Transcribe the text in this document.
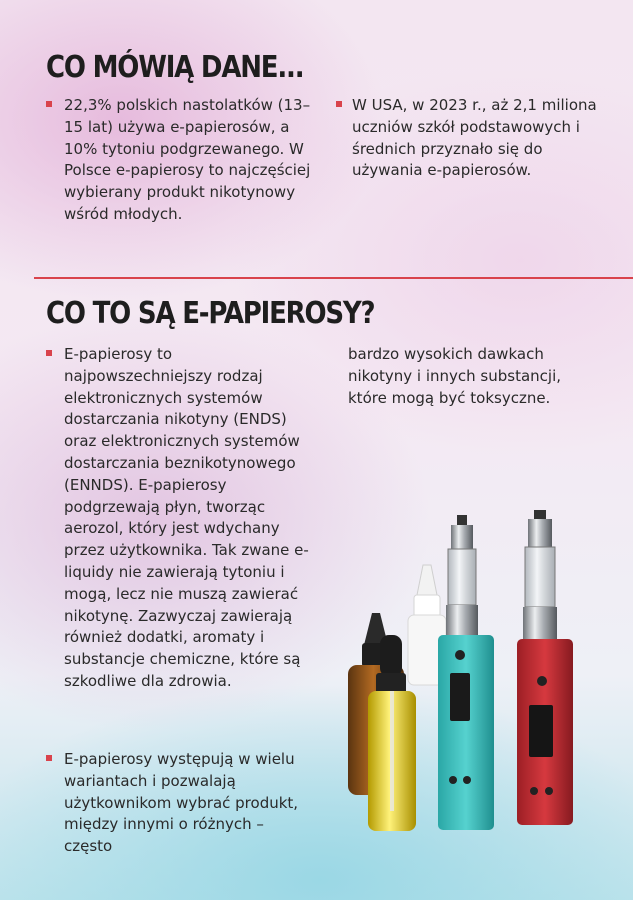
CO MÓWIĄ DANE...
22,3% polskich nastolatków (13–15 lat) używa e-papierosów, a 10% tytoniu podgrzewanego. W Polsce e-papierosy to najczęściej wybierany produkt nikotynowy wśród młodych.
W USA, w 2023 r., aż 2,1 miliona uczniów szkół podstawowych i średnich przyznało się do używania e-papierosów.
CO TO SĄ E-PAPIEROSY?
E-papierosy to najpowszechniejszy rodzaj elektronicznych systemów dostarczania nikotyny (ENDS) oraz elektronicznych systemów dostarczania beznikotynowego (ENNDS). E-papierosy podgrzewają płyn, tworząc aerozol, który jest wdychany przez użytkownika. Tak zwane e-liquidy nie zawierają tytoniu i mogą, lecz nie muszą zawierać nikotynę. Zazwyczaj zawierają również dodatki, aromaty i substancje chemiczne, które są szkodliwe dla zdrowia.
E-papierosy występują w wielu wariantach i pozwalają użytkownikom wybrać produkt, między innymi o różnych – często
bardzo wysokich dawkach nikotyny i innych substancji, które mogą być toksyczne.
